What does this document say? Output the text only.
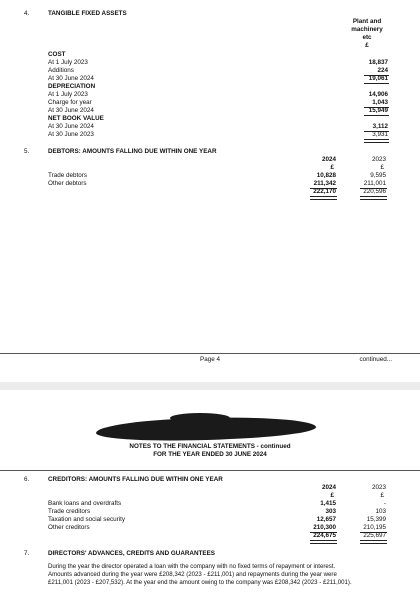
4.	TANGIBLE FIXED ASSETS
Plant and
machinery
etc
£
COST
At 1 July 2023	18,837
Additions	224
At 30 June 2024	19,061
DEPRECIATION
At 1 July 2023	14,906
Charge for year	1,043
At 30 June 2024	15,949
NET BOOK VALUE
At 30 June 2024	3,112
At 30 June 2023	3,931
5.	DEBTORS: AMOUNTS FALLING DUE WITHIN ONE YEAR
2024	2023
£	£
Trade debtors	10,828	9,595
Other debtors	211,342	211,001
222,170	220,596
Page 4	continued...
NOTES TO THE FINANCIAL STATEMENTS - continued
FOR THE YEAR ENDED 30 JUNE 2024
6.	CREDITORS: AMOUNTS FALLING DUE WITHIN ONE YEAR
2024	2023
£	£
Bank loans and overdrafts	1,415	-
Trade creditors	303	103
Taxation and social security	12,657	15,399
Other creditors	210,300	210,195
224,675	225,697
7.	DIRECTORS' ADVANCES, CREDITS AND GUARANTEES
During the year the director operated a loan with the company with no fixed terms of repayment or interest.
Amounts advanced during the year were £208,342 (2023 - £211,001) and repayments during the year were
£211,001 (2023 - £207,532). At the year end the amount owing to the company was £208,342 (2023 - £211,001).
